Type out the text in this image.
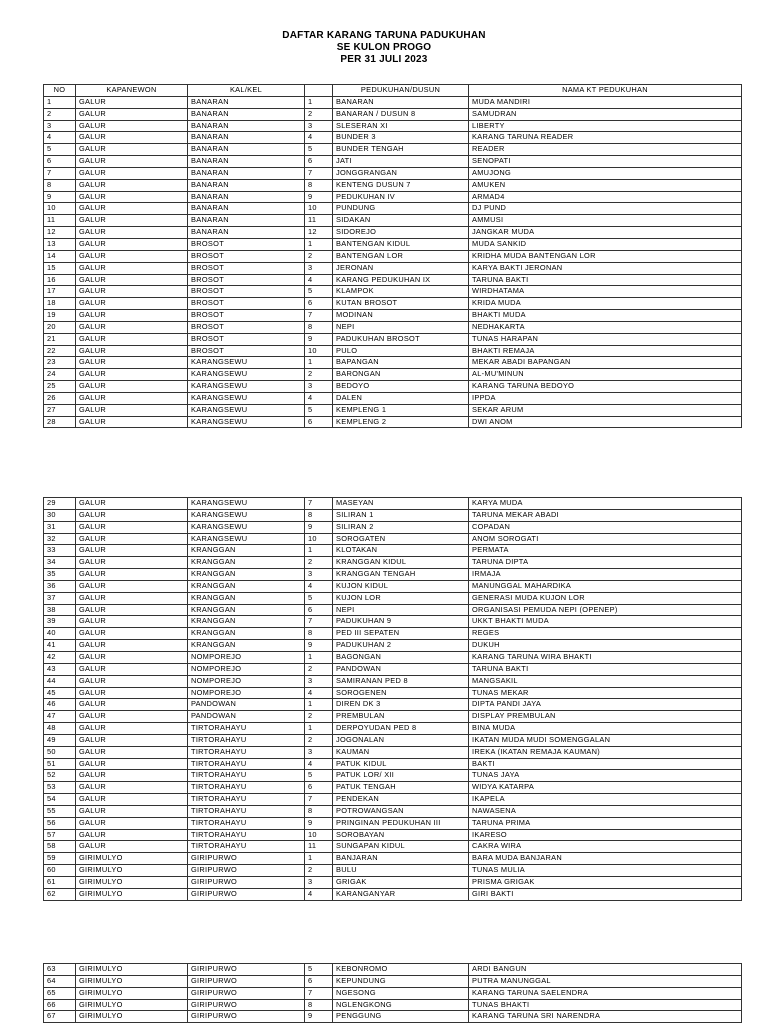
DAFTAR KARANG TARUNA PADUKUHAN
SE KULON PROGO
PER 31 JULI 2023
NO	KAPANEWON	KAL/KEL		PEDUKUHAN/DUSUN	NAMA KT PEDUKUHAN
1	GALUR	BANARAN	1	BANARAN	MUDA MANDIRI
2	GALUR	BANARAN	2	BANARAN / DUSUN 8	SAMUDRAN
3	GALUR	BANARAN	3	SLESERAN XI	LIBERTY
4	GALUR	BANARAN	4	BUNDER 3	KARANG TARUNA READER
5	GALUR	BANARAN	5	BUNDER TENGAH	READER
6	GALUR	BANARAN	6	JATI	SENOPATI
7	GALUR	BANARAN	7	JONGGRANGAN	AMUJONG
8	GALUR	BANARAN	8	KENTENG DUSUN 7	AMUKEN
9	GALUR	BANARAN	9	PEDUKUHAN IV	ARMAD4
10	GALUR	BANARAN	10	PUNDUNG	DJ PUND
11	GALUR	BANARAN	11	SIDAKAN	AMMUSI
12	GALUR	BANARAN	12	SIDOREJO	JANGKAR MUDA
13	GALUR	BROSOT	1	BANTENGAN KIDUL	MUDA SANKID
14	GALUR	BROSOT	2	BANTENGAN LOR	KRIDHA MUDA BANTENGAN LOR
15	GALUR	BROSOT	3	JERONAN	KARYA BAKTI JERONAN
16	GALUR	BROSOT	4	KARANG PEDUKUHAN IX	TARUNA BAKTI
17	GALUR	BROSOT	5	KLAMPOK	WIRDHATAMA
18	GALUR	BROSOT	6	KUTAN BROSOT	KRIDA MUDA
19	GALUR	BROSOT	7	MODINAN	BHAKTI MUDA
20	GALUR	BROSOT	8	NEPI	NEDHAKARTA
21	GALUR	BROSOT	9	PADUKUHAN BROSOT	TUNAS HARAPAN
22	GALUR	BROSOT	10	PULO	BHAKTI REMAJA
23	GALUR	KARANGSEWU	1	BAPANGAN	MEKAR ABADI BAPANGAN
24	GALUR	KARANGSEWU	2	BARONGAN	AL-MU'MINUN
25	GALUR	KARANGSEWU	3	BEDOYO	KARANG TARUNA BEDOYO
26	GALUR	KARANGSEWU	4	DALEN	IPPDA
27	GALUR	KARANGSEWU	5	KEMPLENG 1	SEKAR ARUM
28	GALUR	KARANGSEWU	6	KEMPLENG 2	DWI ANOM
29	GALUR	KARANGSEWU	7	MASEYAN	KARYA MUDA
30	GALUR	KARANGSEWU	8	SILIRAN 1	TARUNA MEKAR ABADI
31	GALUR	KARANGSEWU	9	SILIRAN 2	COPADAN
32	GALUR	KARANGSEWU	10	SOROGATEN	ANOM SOROGATI
33	GALUR	KRANGGAN	1	KLOTAKAN	PERMATA
34	GALUR	KRANGGAN	2	KRANGGAN KIDUL	TARUNA DIPTA
35	GALUR	KRANGGAN	3	KRANGGAN TENGAH	IRMAJA
36	GALUR	KRANGGAN	4	KUJON KIDUL	MANUNGGAL MAHARDIKA
37	GALUR	KRANGGAN	5	KUJON LOR	GENERASI MUDA KUJON LOR
38	GALUR	KRANGGAN	6	NEPI	ORGANISASI PEMUDA NEPI (OPENEP)
39	GALUR	KRANGGAN	7	PADUKUHAN 9	UKKT BHAKTI MUDA
40	GALUR	KRANGGAN	8	PED III SEPATEN	REGES
41	GALUR	KRANGGAN	9	PADUKUHAN 2	DUKUH
42	GALUR	NOMPOREJO	1	BAGONGAN	KARANG TARUNA WIRA BHAKTI
43	GALUR	NOMPOREJO	2	PANDOWAN	TARUNA BAKTI
44	GALUR	NOMPOREJO	3	SAMIRANAN PED 8	MANGSAKIL
45	GALUR	NOMPOREJO	4	SOROGENEN	TUNAS MEKAR
46	GALUR	PANDOWAN	1	DIREN DK 3	DIPTA PANDI JAYA
47	GALUR	PANDOWAN	2	PREMBULAN	DISPLAY PREMBULAN
48	GALUR	TIRTORAHAYU	1	DERPOYUDAN PED 8	BINA MUDA
49	GALUR	TIRTORAHAYU	2	JOGONALAN	IKATAN MUDA MUDI SOMENGGALAN
50	GALUR	TIRTORAHAYU	3	KAUMAN	IREKA (IKATAN REMAJA KAUMAN)
51	GALUR	TIRTORAHAYU	4	PATUK KIDUL	BAKTI
52	GALUR	TIRTORAHAYU	5	PATUK LOR/ XII	TUNAS JAYA
53	GALUR	TIRTORAHAYU	6	PATUK TENGAH	WIDYA KATARPA
54	GALUR	TIRTORAHAYU	7	PENDEKAN	IKAPELA
55	GALUR	TIRTORAHAYU	8	POTROWANGSAN	NAWASENA
56	GALUR	TIRTORAHAYU	9	PRINGINAN PEDUKUHAN III	TARUNA PRIMA
57	GALUR	TIRTORAHAYU	10	SOROBAYAN	IKARESO
58	GALUR	TIRTORAHAYU	11	SUNGAPAN KIDUL	CAKRA WIRA
59	GIRIMULYO	GIRIPURWO	1	BANJARAN	BARA MUDA BANJARAN
60	GIRIMULYO	GIRIPURWO	2	BULU	TUNAS MULIA
61	GIRIMULYO	GIRIPURWO	3	GRIGAK	PRISMA GRIGAK
62	GIRIMULYO	GIRIPURWO	4	KARANGANYAR	GIRI BAKTI
63	GIRIMULYO	GIRIPURWO	5	KEBONROMO	ARDI BANGUN
64	GIRIMULYO	GIRIPURWO	6	KEPUNDUNG	PUTRA MANUNGGAL
65	GIRIMULYO	GIRIPURWO	7	NGESONG	KARANG TARUNA SAELENDRA
66	GIRIMULYO	GIRIPURWO	8	NGLENGKONG	TUNAS BHAKTI
67	GIRIMULYO	GIRIPURWO	9	PENGGUNG	KARANG TARUNA SRI NARENDRA
